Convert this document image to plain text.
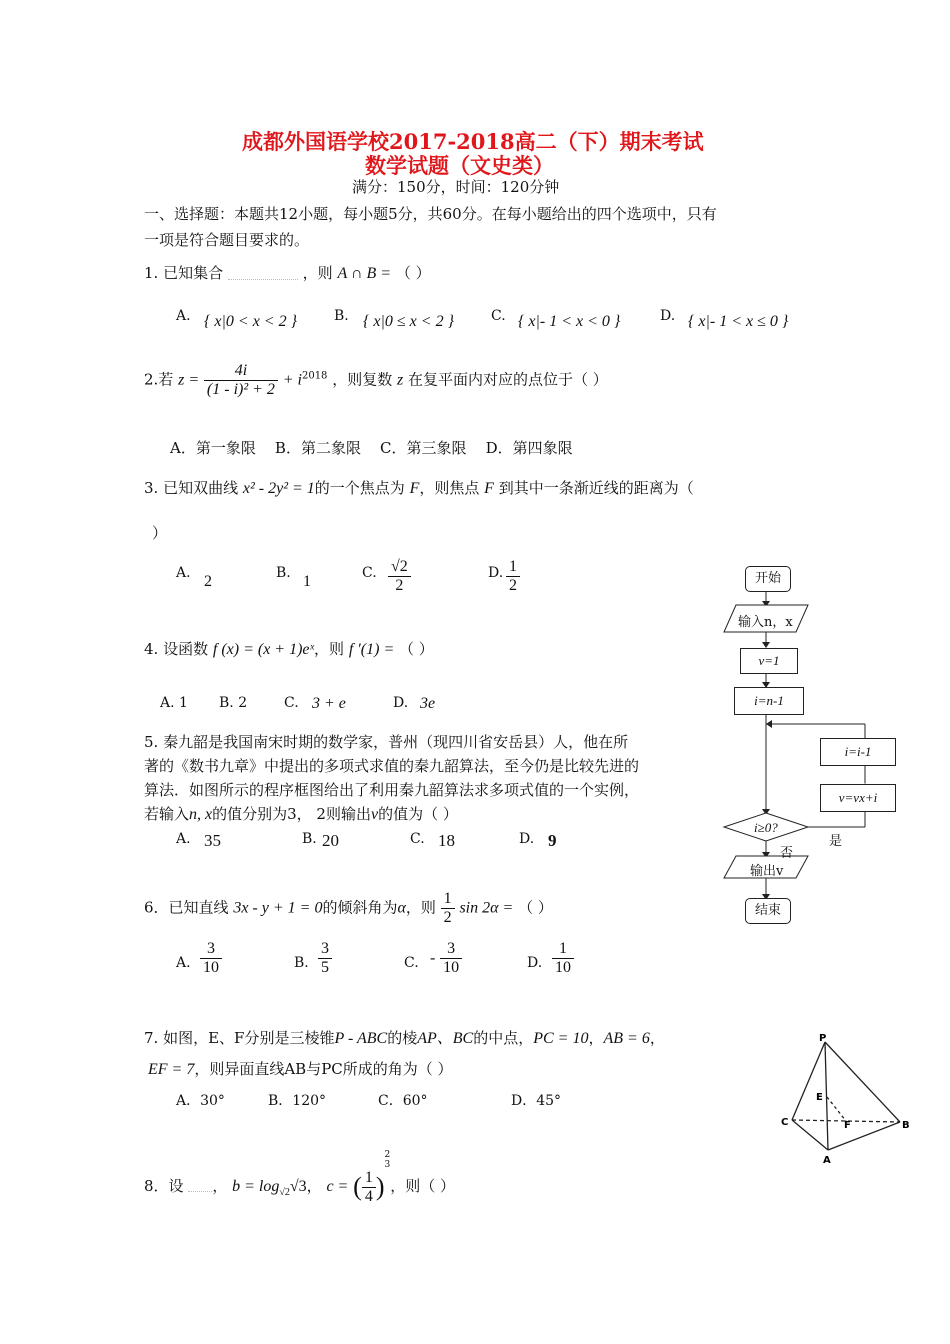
成都外国语学校2017-2018高二（下）期末考试
数学试题（文史类）
满分：150分，时间：120分钟
一、选择题：本题共12小题，每小题5分，共60分。在每小题给出的四个选项中，只有
一项是符合题目要求的。
1. 已知集合	，则 A ∩ B = （ ）
A. { x|0 < x < 2 }	B. { x|0 ≤ x < 2 }	C. { x|- 1 < x < 0 }	D. { x|- 1 < x ≤ 0 }
2.若 $z = \frac{4i}{\text{(1 - i)² + 2}} + i^{2018}$ ，则复数 z 在复平面内对应的点位于（ ）
A．第一象限 B．第二象限 C．第三象限 D．第四象限
3. 已知双曲线 x² - 2y² = 1的一个焦点为 F，则焦点 F 到其中一条渐近线的距离为（
）
A. 2	B. 1	C. $\frac{√2}{2}$	D. $\frac{1}{2}$
4. 设函数 f (x) = (x + 1)eˣ，则 f ′(1) = （ ）
A. 1 B. 2	C. 3 + e	D. 3e
5. 秦九韶是我国南宋时期的数学家，普州（现四川省安岳县）人，他在所
著的《数书九章》中提出的多项式求值的秦九韶算法，至今仍是比较先进的
算法．如图所示的程序框图给出了利用秦九韶算法求多项式值的一个实例，
若输入n, x的值分别为3， 2则输出v的值为（ ）
A. 35	B. 20	C. 18	D. 9
开始
输入n，x
v=1
i=n-1
i=i-1
v=vx+i
i≥0?
否
是
输出v
结束
6．已知直线 3x - y + 1 = 0的倾斜角为α，则 $\frac{1}{2}$ sin 2α = （ ）
A. $\frac{3}{10}$	B. $\frac{3}{5}$	C. - $\frac{3}{10}$	D. $\frac{1}{10}$
7. 如图，E、F分别是三棱锥P - ABC的棱AP、BC的中点，PC = 10，AB = 6，
EF = 7，则异面直线AB与PC所成的角为（ ）
A．30°	B．120°	C．60°	D．45°
P
C	B
A
E
F
8．设 ， $b = \log_{√2}√3$， c = ( $\frac{1}{4}$ )
$^{2 3}$
，则（ ）
